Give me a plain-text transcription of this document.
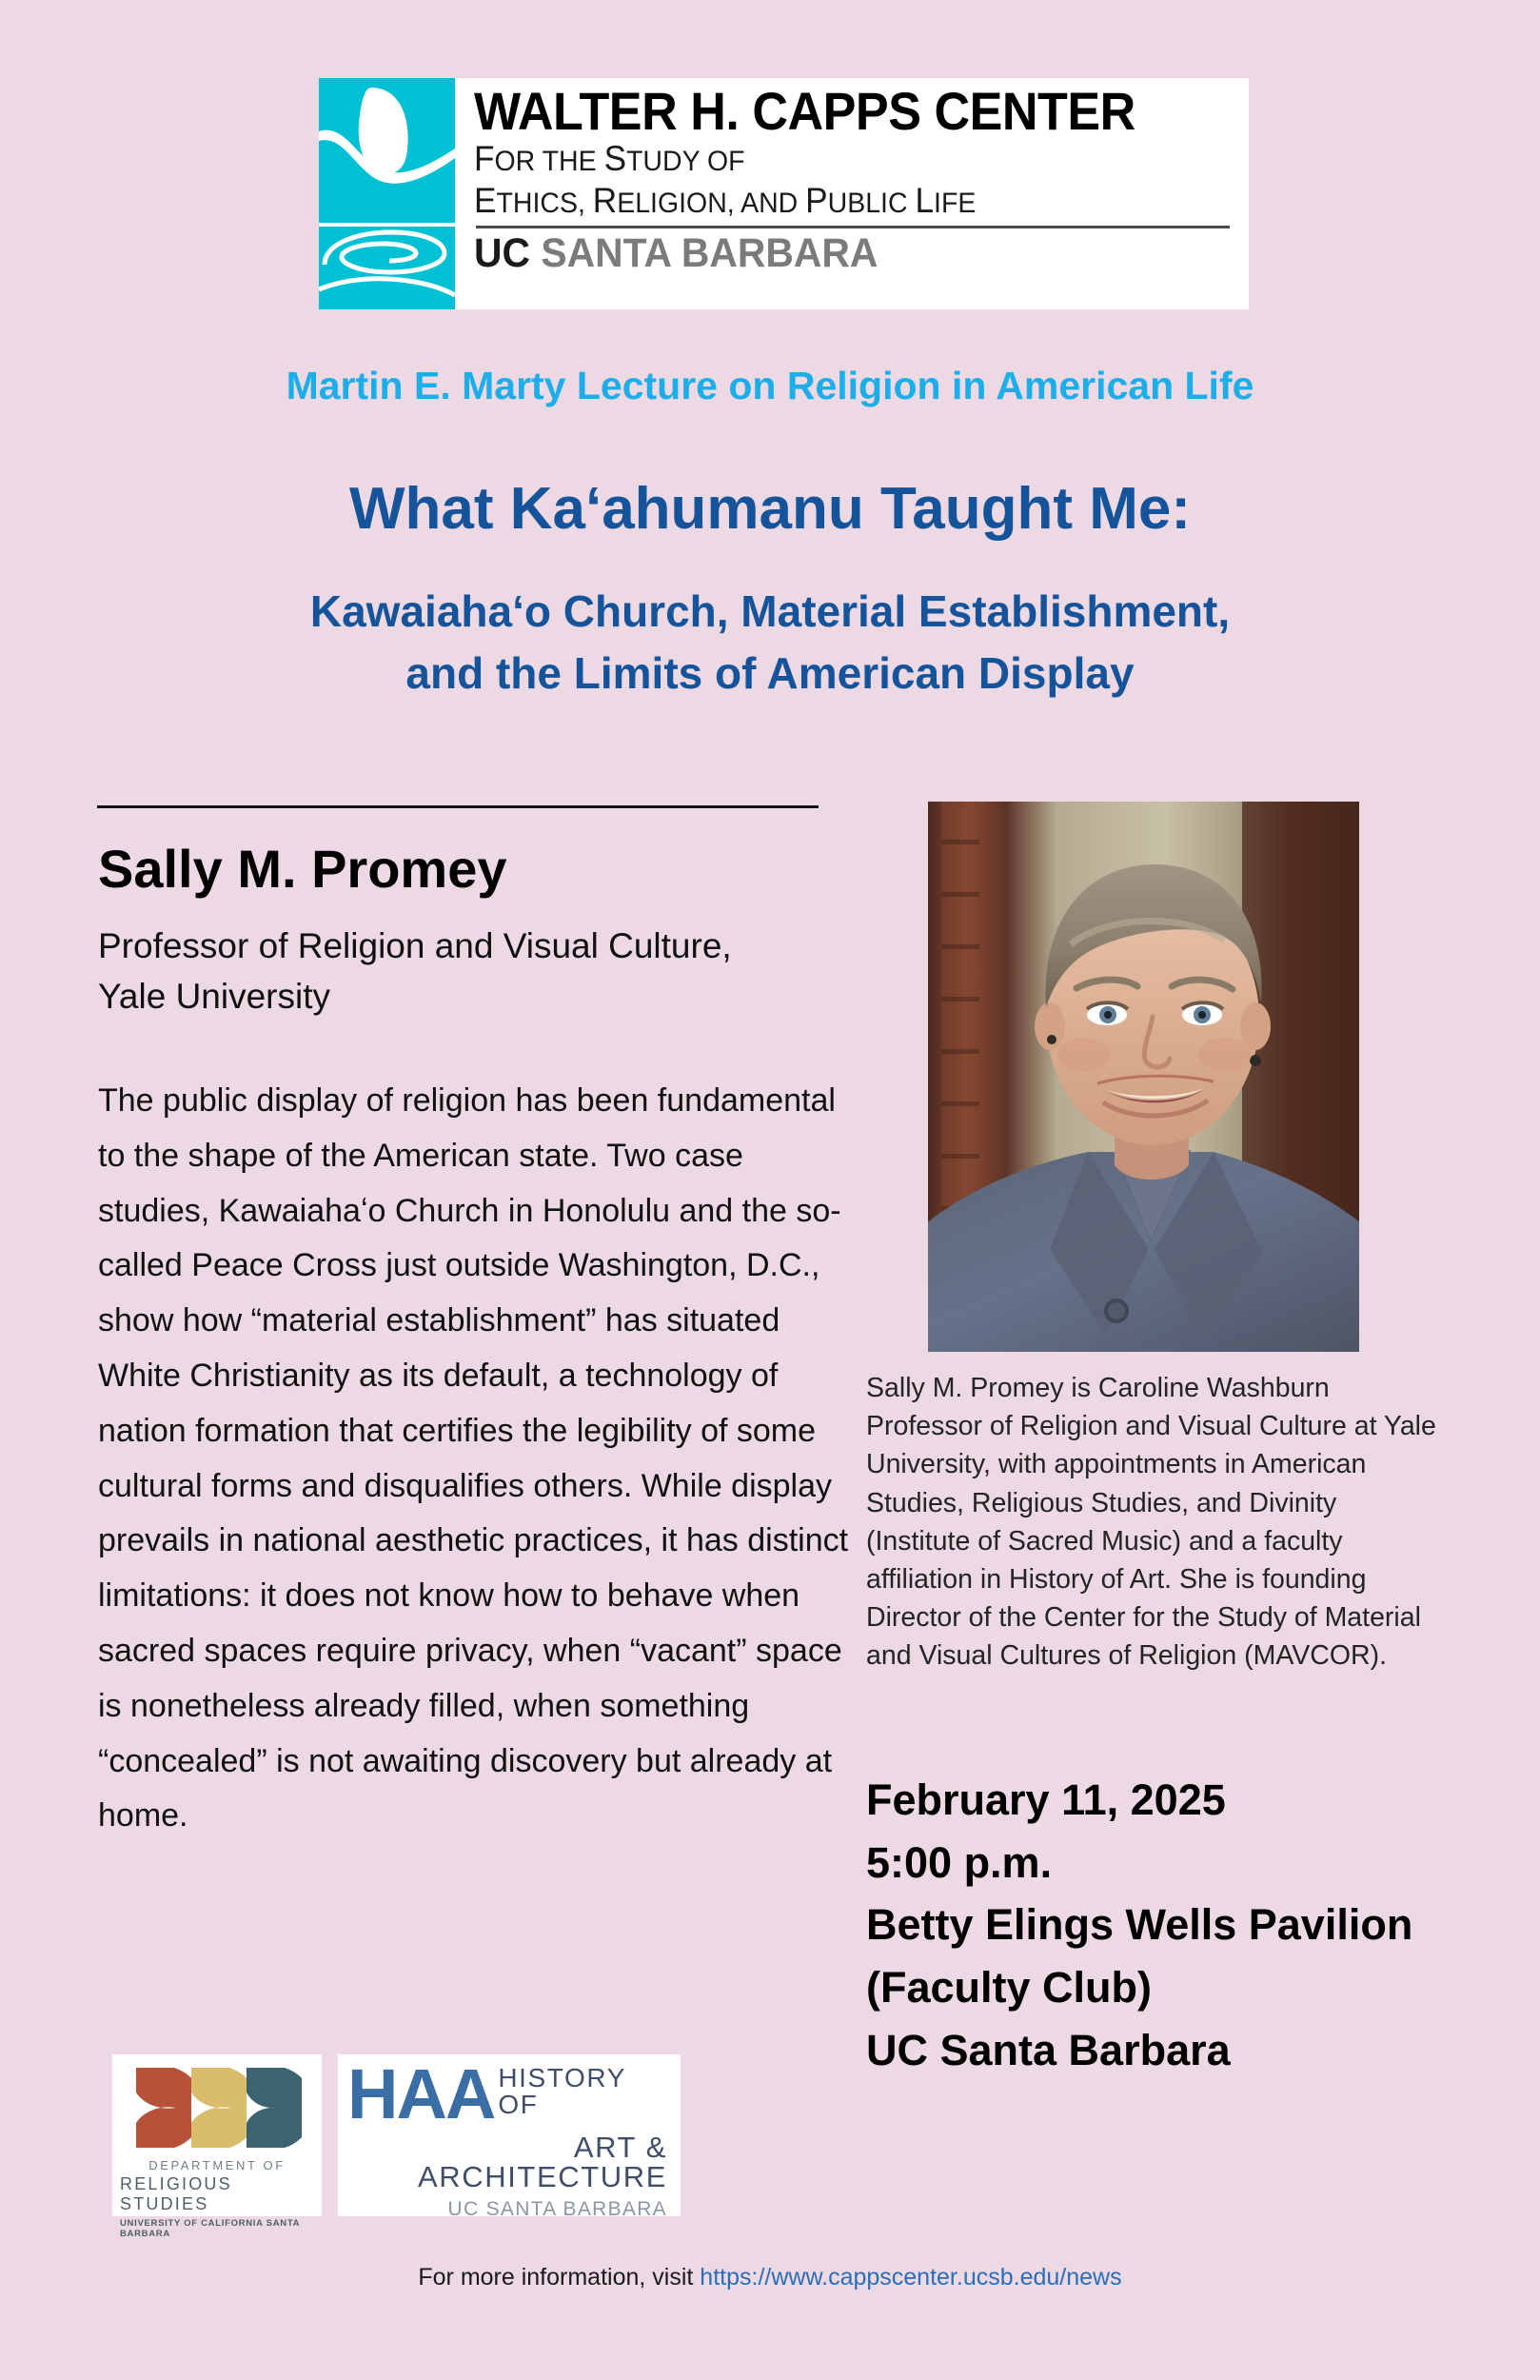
WALTER H. CAPPS CENTER
FOR THE STUDY OF
ETHICS, RELIGION, AND PUBLIC LIFE
UC SANTA BARBARA
Martin E. Marty Lecture on Religion in American Life
What Kaʻahumanu Taught Me:
Kawaiahaʻo Church, Material Establishment,
and the Limits of American Display
Sally M. Promey
Professor of Religion and Visual Culture,
Yale University
The public display of religion has been fundamental to the shape of the American state. Two case studies, Kawaiahaʻo Church in Honolulu and the so-called Peace Cross just outside Washington, D.C., show how “material establishment” has situated White Christianity as its default, a technology of nation formation that certifies the legibility of some cultural forms and disqualifies others. While display prevails in national aesthetic practices, it has distinct limitations: it does not know how to behave when sacred spaces require privacy, when “vacant” space is nonetheless already filled, when something “concealed” is not awaiting discovery but already at home.
Sally M. Promey is Caroline Washburn Professor of Religion and Visual Culture at Yale University, with appointments in American Studies, Religious Studies, and Divinity (Institute of Sacred Music) and a faculty affiliation in History of Art. She is founding Director of the Center for the Study of Material and Visual Cultures of Religion (MAVCOR).
February 11, 2025
5:00 p.m.
Betty Elings Wells Pavilion
(Faculty Club)
UC Santa Barbara
DEPARTMENT OF
RELIGIOUS STUDIES
UNIVERSITY OF CALIFORNIA SANTA BARBARA
HAA HISTORY OF
ART & ARCHITECTURE
UC SANTA BARBARA
For more information, visit https://www.cappscenter.ucsb.edu/news
